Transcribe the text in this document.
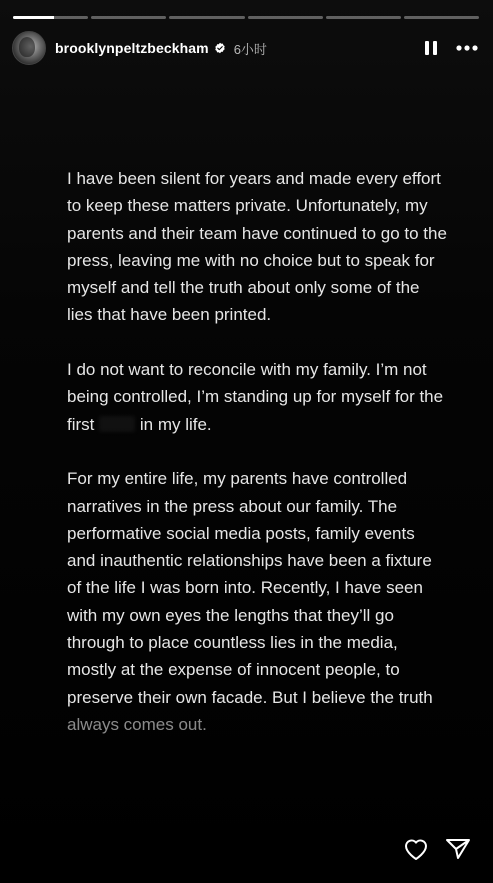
brooklynpeltzbeckham 6小时

I have been silent for years and made every effort to keep these matters private. Unfortunately, my parents and their team have continued to go to the press, leaving me with no choice but to speak for myself and tell the truth about only some of the lies that have been printed.

I do not want to reconcile with my family. I’m not being controlled, I’m standing up for myself for the first	in my life.

For my entire life, my parents have controlled narratives in the press about our family. The performative social media posts, family events and inauthentic relationships have been a fixture of the life I was born into. Recently, I have seen with my own eyes the lengths that they’ll go through to place countless lies in the media, mostly at the expense of innocent people, to preserve their own facade. But I believe the truth always comes out.
